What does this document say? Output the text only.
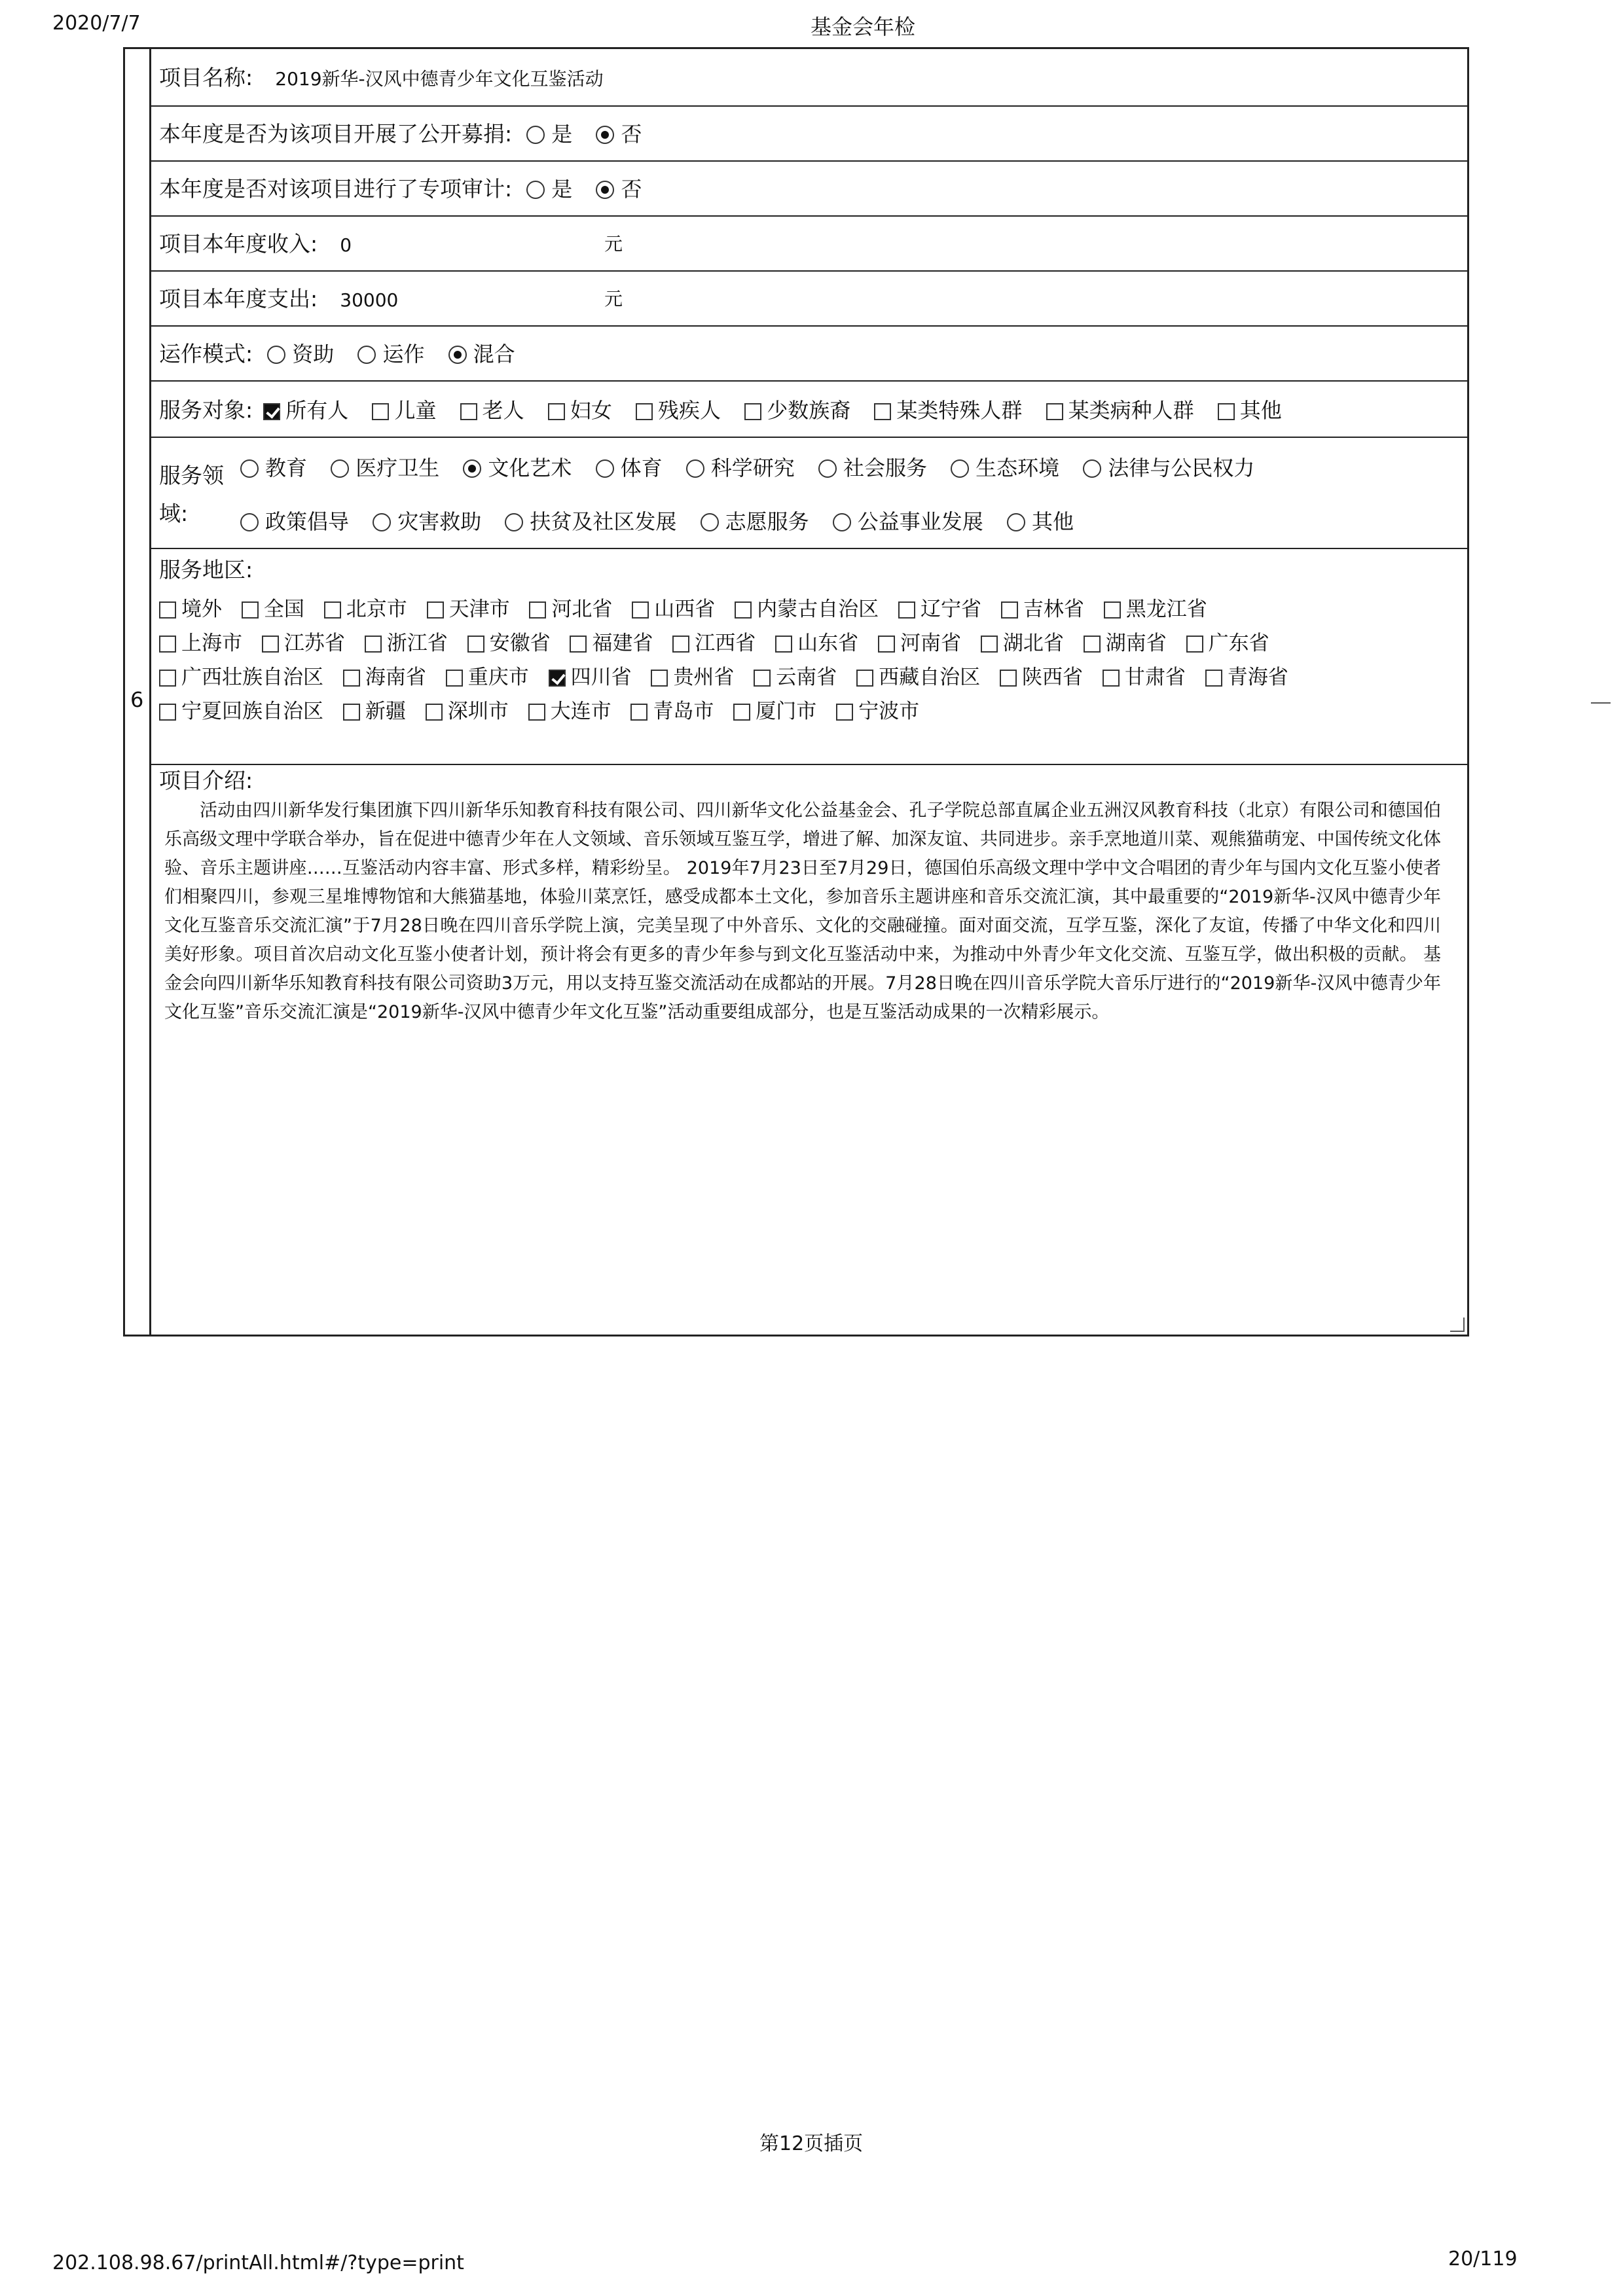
2020/7/7	基金会年检
6
项目名称: 2019新华-汉风中德青少年文化互鉴活动
本年度是否为该项目开展了公开募捐: 是 否
本年度是否对该项目进行了专项审计: 是 否
项目本年度收入: 0	元
项目本年度支出: 30000	元
运作模式: 资助 运作 混合
服务对象: 所有人 儿童 老人 妇女 残疾人 少数族裔 某类特殊人群 某类病种人群 其他
服务领
域:
教育 医疗卫生 文化艺术 体育 科学研究 社会服务 生态环境 法律与公民权力
政策倡导 灾害救助 扶贫及社区发展 志愿服务 公益事业发展 其他
服务地区:
境外 全国 北京市 天津市 河北省 山西省 内蒙古自治区 辽宁省 吉林省 黑龙江省
上海市 江苏省 浙江省 安徽省 福建省 江西省 山东省 河南省 湖北省 湖南省 广东省
广西壮族自治区 海南省 重庆市 四川省 贵州省 云南省 西藏自治区 陕西省 甘肃省 青海省
宁夏回族自治区 新疆 深圳市 大连市 青岛市 厦门市 宁波市
项目介绍:
活动由四川新华发行集团旗下四川新华乐知教育科技有限公司、四川新华文化公益基金会、孔子学院总部直属企业五洲汉风教育科技（北京）有限公司和德国伯乐高级文理中学联合举办，旨在促进中德青少年在人文领域、音乐领域互鉴互学，增进了解、加深友谊、共同进步。亲手烹地道川菜、观熊猫萌宠、中国传统文化体验、音乐主题讲座……互鉴活动内容丰富、形式多样，精彩纷呈。 2019年7月23日至7月29日，德国伯乐高级文理中学中文合唱团的青少年与国内文化互鉴小使者们相聚四川，参观三星堆博物馆和大熊猫基地，体验川菜烹饪，感受成都本土文化，参加音乐主题讲座和音乐交流汇演，其中最重要的“2019新华-汉风中德青少年文化互鉴音乐交流汇演”于7月28日晚在四川音乐学院上演，完美呈现了中外音乐、文化的交融碰撞。面对面交流，互学互鉴，深化了友谊，传播了中华文化和四川美好形象。项目首次启动文化互鉴小使者计划，预计将会有更多的青少年参与到文化互鉴活动中来，为推动中外青少年文化交流、互鉴互学，做出积极的贡献。 基金会向四川新华乐知教育科技有限公司资助3万元，用以支持互鉴交流活动在成都站的开展。7月28日晚在四川音乐学院大音乐厅进行的“2019新华-汉风中德青少年文化互鉴”音乐交流汇演是“2019新华-汉风中德青少年文化互鉴”活动重要组成部分，也是互鉴活动成果的一次精彩展示。
第12页插页
202.108.98.67/printAll.html#/?type=print	20/119
